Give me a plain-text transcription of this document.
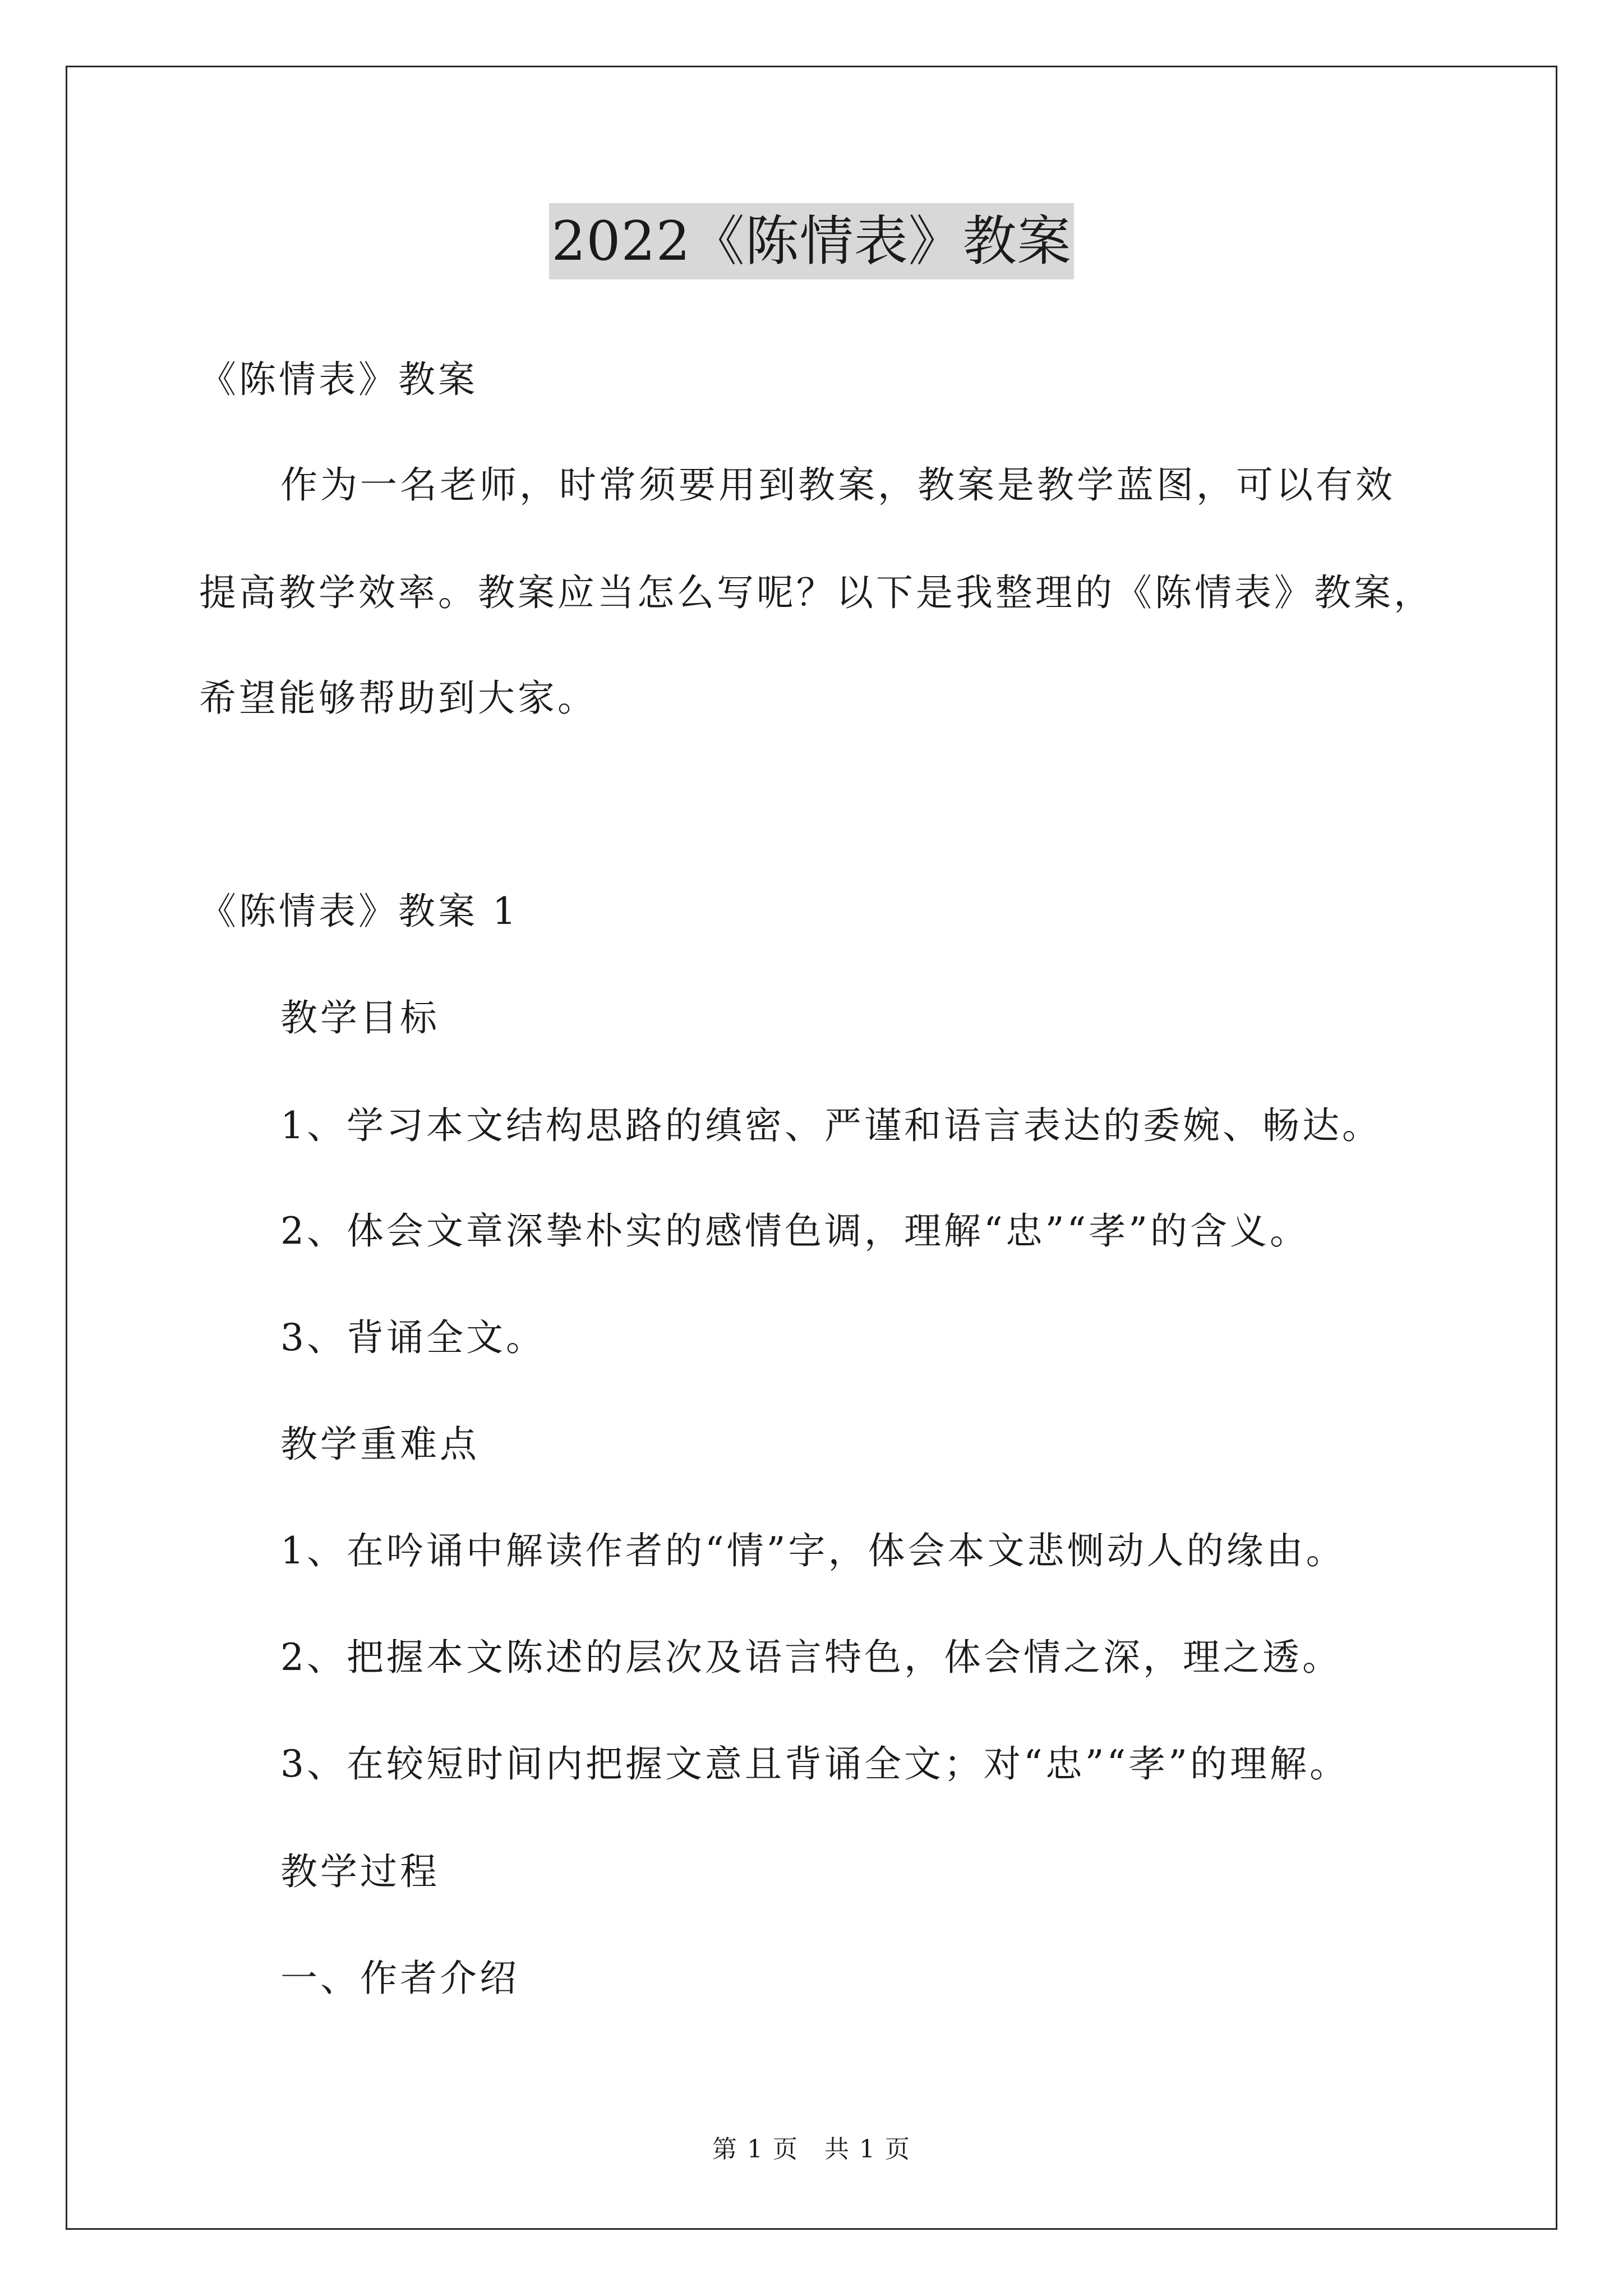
2022《陈情表》教案
《陈情表》教案
作为一名老师，时常须要用到教案，教案是教学蓝图，可以有效
提高教学效率。教案应当怎么写呢？以下是我整理的《陈情表》教案，
希望能够帮助到大家。
《陈情表》教案 1
教学目标
1、学习本文结构思路的缜密、严谨和语言表达的委婉、畅达。
2、体会文章深挚朴实的感情色调，理解“忠”“孝”的含义。
3、背诵全文。
教学重难点
1、在吟诵中解读作者的“情”字，体会本文悲恻动人的缘由。
2、把握本文陈述的层次及语言特色，体会情之深，理之透。
3、在较短时间内把握文意且背诵全文；对“忠”“孝”的理解。
教学过程
一、作者介绍
第 1 页　共 1 页
